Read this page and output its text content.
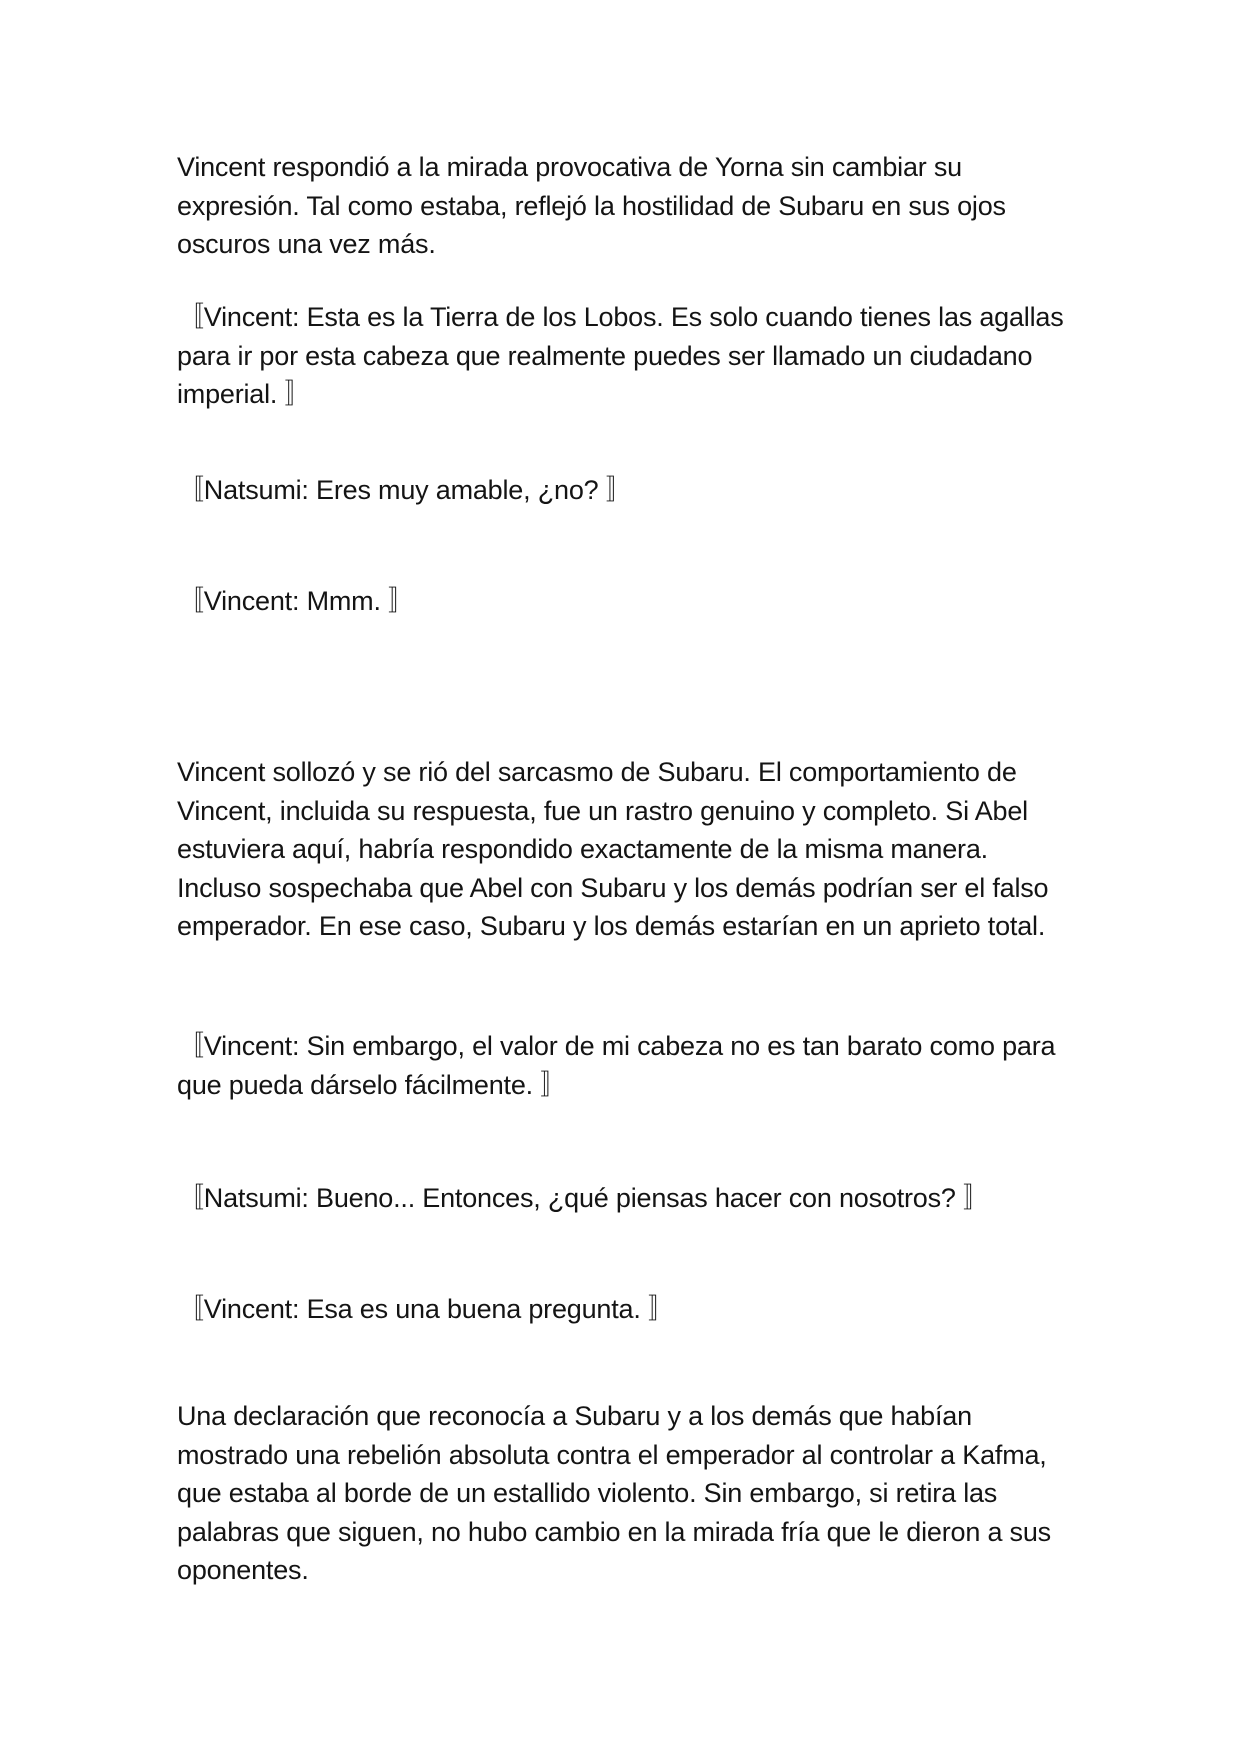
Vincent respondió a la mirada provocativa de Yorna sin cambiar su
expresión. Tal como estaba, reflejó la hostilidad de Subaru en sus ojos
oscuros una vez más.

〚Vincent: Esta es la Tierra de los Lobos. Es solo cuando tienes las agallas
para ir por esta cabeza que realmente puedes ser llamado un ciudadano
imperial. 〛

〚Natsumi: Eres muy amable, ¿no? 〛

〚Vincent: Mmm. 〛

Vincent sollozó y se rió del sarcasmo de Subaru. El comportamiento de
Vincent, incluida su respuesta, fue un rastro genuino y completo. Si Abel
estuviera aquí, habría respondido exactamente de la misma manera.
Incluso sospechaba que Abel con Subaru y los demás podrían ser el falso
emperador. En ese caso, Subaru y los demás estarían en un aprieto total.

〚Vincent: Sin embargo, el valor de mi cabeza no es tan barato como para
que pueda dárselo fácilmente. 〛

〚Natsumi: Bueno... Entonces, ¿qué piensas hacer con nosotros? 〛

〚Vincent: Esa es una buena pregunta. 〛

Una declaración que reconocía a Subaru y a los demás que habían
mostrado una rebelión absoluta contra el emperador al controlar a Kafma,
que estaba al borde de un estallido violento. Sin embargo, si retira las
palabras que siguen, no hubo cambio en la mirada fría que le dieron a sus
oponentes.
